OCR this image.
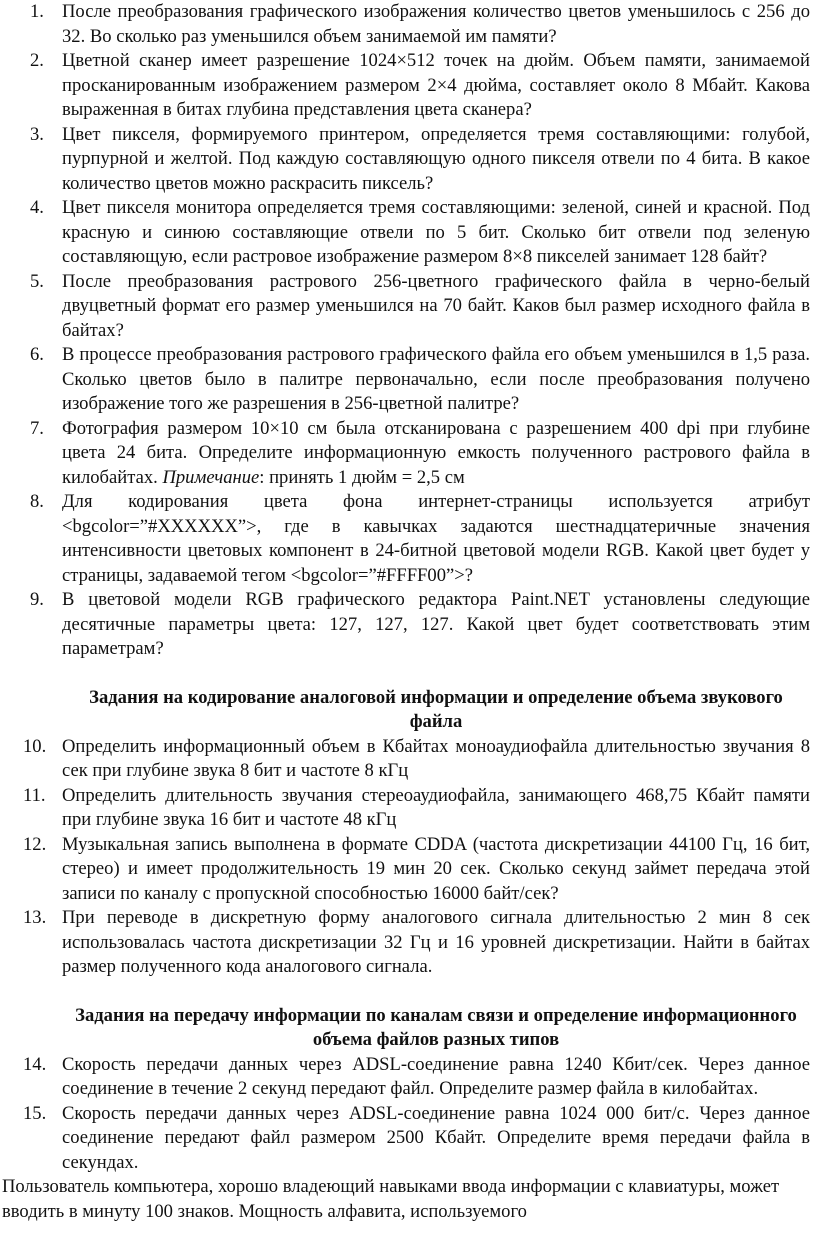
1. После преобразования графического изображения количество цветов уменьшилось с 256 до 32. Во сколько раз уменьшился объем занимаемой им памяти?
2. Цветной сканер имеет разрешение 1024×512 точек на дюйм. Объем памяти, занимаемой просканированным изображением размером 2×4 дюйма, составляет около 8 Мбайт. Какова выраженная в битах глубина представления цвета сканера?
3. Цвет пикселя, формируемого принтером, определяется тремя составляющими: голубой, пурпурной и желтой. Под каждую составляющую одного пикселя отвели по 4 бита. В какое количество цветов можно раскрасить пиксель?
4. Цвет пикселя монитора определяется тремя составляющими: зеленой, синей и красной. Под красную и синюю составляющие отвели по 5 бит. Сколько бит отвели под зеленую составляющую, если растровое изображение размером 8×8 пикселей занимает 128 байт?
5. После преобразования растрового 256-цветного графического файла в черно-белый двуцветный формат его размер уменьшился на 70 байт. Каков был размер исходного файла в байтах?
6. В процессе преобразования растрового графического файла его объем уменьшился в 1,5 раза. Сколько цветов было в палитре первоначально, если после преобразования получено изображение того же разрешения в 256-цветной палитре?
7. Фотография размером 10×10 см была отсканирована с разрешением 400 dpi при глубине цвета 24 бита. Определите информационную емкость полученного растрового файла в килобайтах. Примечание: принять 1 дюйм = 2,5 см
8. Для кодирования цвета фона интернет-страницы используется атрибут <bgcolor=”#XXXXXX”>, где в кавычках задаются шестнадцатеричные значения интенсивности цветовых компонент в 24-битной цветовой модели RGB. Какой цвет будет у страницы, задаваемой тегом <bgcolor=”#FFFF00”>?
9. В цветовой модели RGB графического редактора Paint.NET установлены следующие десятичные параметры цвета: 127, 127, 127. Какой цвет будет соответствовать этим параметрам?
Задания на кодирование аналоговой информации и определение объема звукового файла
10. Определить информационный объем в Кбайтах моноаудиофайла длительностью звучания 8 сек при глубине звука 8 бит и частоте 8 кГц
11. Определить длительность звучания стереоаудиофайла, занимающего 468,75 Кбайт памяти при глубине звука 16 бит и частоте 48 кГц
12. Музыкальная запись выполнена в формате CDDA (частота дискретизации 44100 Гц, 16 бит, стерео) и имеет продолжительность 19 мин 20 сек. Сколько секунд займет передача этой записи по каналу с пропускной способностью 16000 байт/сек?
13. При переводе в дискретную форму аналогового сигнала длительностью 2 мин 8 сек использовалась частота дискретизации 32 Гц и 16 уровней дискретизации. Найти в байтах размер полученного кода аналогового сигнала.
Задания на передачу информации по каналам связи и определение информационного объема файлов разных типов
14. Скорость передачи данных через ADSL-соединение равна 1240 Кбит/сек. Через данное соединение в течение 2 секунд передают файл. Определите размер файла в килобайтах.
15. Скорость передачи данных через ADSL-соединение равна 1024 000 бит/с. Через данное соединение передают файл размером 2500 Кбайт. Определите время передачи файла в секундах.
Пользователь компьютера, хорошо владеющий навыками ввода информации с клавиатуры, может вводить в минуту 100 знаков. Мощность алфавита, используемого
